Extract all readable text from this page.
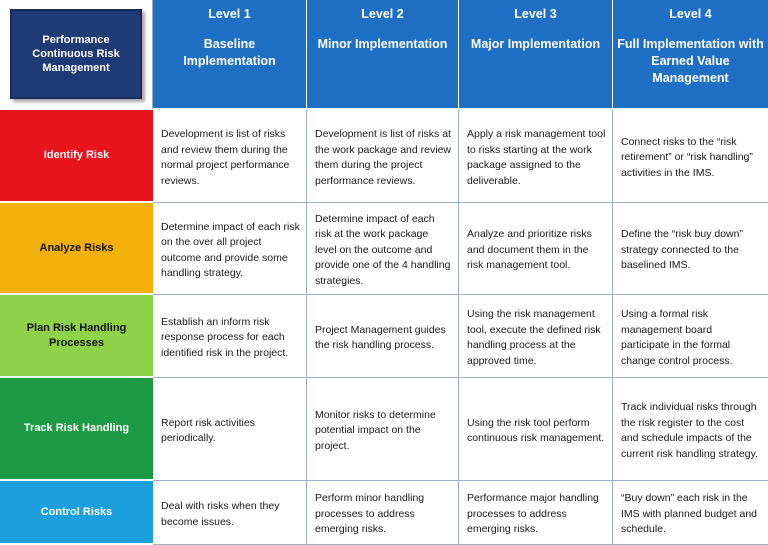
Performance Continuous Risk Management
Level 1
Baseline Implementation
Level 2
Minor Implementation
Level 3
Major Implementation
Level 4
Full Implementation with Earned Value Management
Identify Risk
Development is list of risks and review them during the normal project performance reviews.
Development is list of risks at the work package and review them during the project performance reviews.
Apply a risk management tool to risks starting at the work package assigned to the deliverable.
Connect risks to the “risk retirement” or “risk handling” activities in the IMS.
Analyze Risks
Determine impact of each risk on the over all project outcome and provide some handling strategy.
Determine impact of each risk at the work package level on the outcome and provide one of the 4 handling strategies.
Analyze and prioritize risks and document them in the risk management tool.
Define the “risk buy down” strategy connected to the baselined IMS.
Plan Risk Handling Processes
Establish an inform risk response process for each identified risk in the project.
Project Management guides the risk handling process.
Using the risk management tool, execute the defined risk handling process at the approved time.
Using a formal risk management board participate in the formal change control process.
Track Risk Handling	Report risk activities periodically.
Monitor risks to determine potential impact on the project.
Using the risk tool perform continuous risk management.
Track individual risks through the risk register to the cost and schedule impacts of the current risk handling strategy.
Control Risks	Deal with risks when they become issues.
Perform minor handling processes to address emerging risks.
Performance major handling processes to address emerging risks.
“Buy down” each risk in the IMS with planned budget and schedule.
